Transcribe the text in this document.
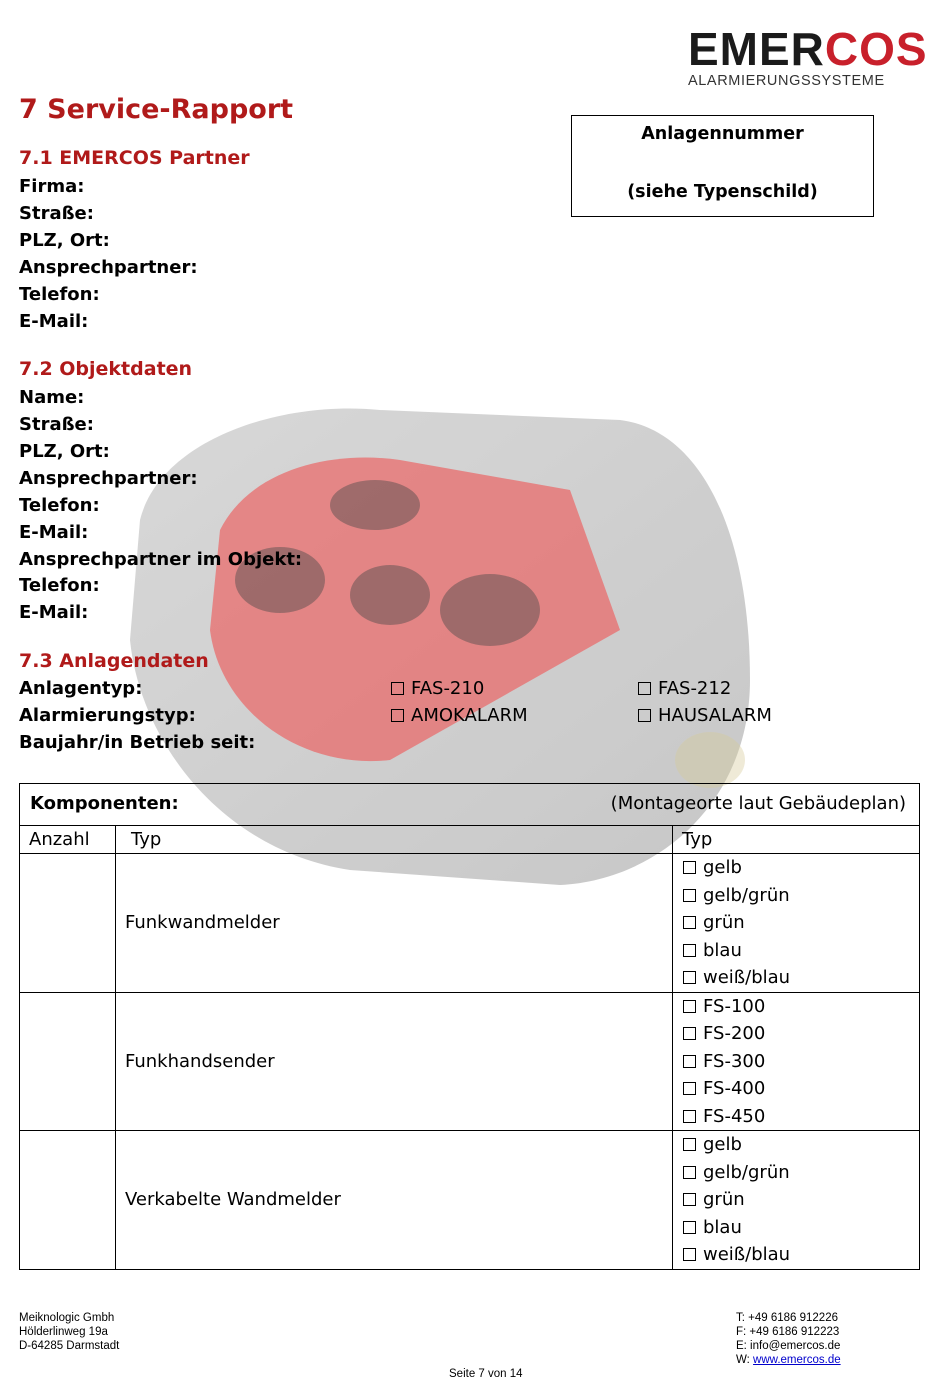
EMERCOS
ALARMIERUNGSSYSTEME
7 Service-Rapport
Anlagennummer
(siehe Typenschild)
7.1 EMERCOS Partner
Firma:
Straße:
PLZ, Ort:
Ansprechpartner:
Telefon:
E-Mail:
7.2 Objektdaten
Name:
Straße:
PLZ, Ort:
Ansprechpartner:
Telefon:
E-Mail:
Ansprechpartner im Objekt:
Telefon:
E-Mail:
7.3 Anlagendaten
Anlagentyp:	FAS-210	FAS-212
Alarmierungstyp:	AMOKALARM	HAUSALARM
Baujahr/in Betrieb seit:
Komponenten: (Montageorte laut Gebäudeplan)		

Anzahl	Typ	Typ

	Funkwandmelder	gelb
gelb/grün
grün
blau
weiß/blau

	Funkhandsender	FS-100
FS-200
FS-300
FS-400
FS-450

	Verkabelte Wandmelder	gelb
gelb/grün
grün
blau
weiß/blau
Meiknologic Gmbh
Hölderlinweg 19a
D-64285 Darmstadt
T: +49 6186 912226
F: +49 6186 912223
E: info@emercos.de
W: www.emercos.de
Seite 7 von 14
